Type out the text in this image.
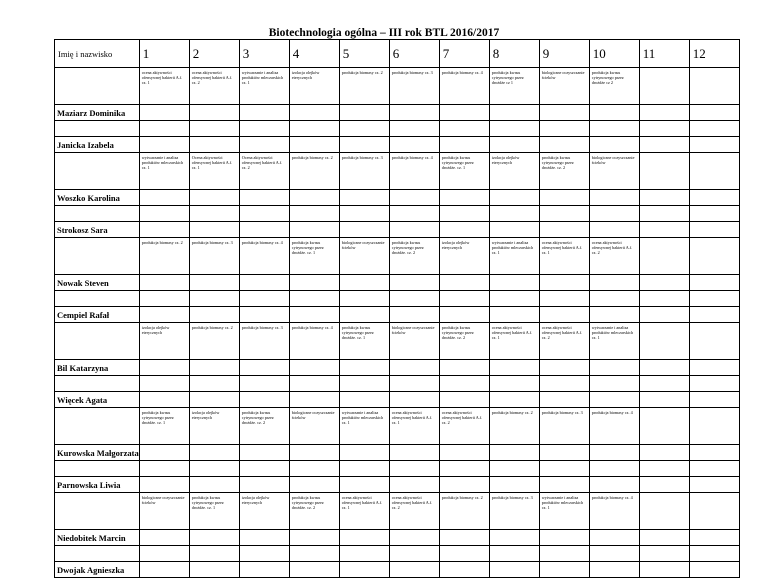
Biotechnologia ogólna – III rok BTL 2016/2017
Imię i nazwisko	1	2	3	4	5	6	7	8	9	10	11	12
	ocena aktywności ofensywnej bakterii A.f. cz. 1	ocena aktywności ofensywnej bakterii A.f. cz. 2	wytwarzanie i analiza produktów mleczarskich cz. 1	izolacja olejków eterycznych	produkcja biomasy cz. 2	produkcja biomasy cz. 3	produkcja biomasy cz. 4	produkcja kwasu cytrynowego przez drożdże cz 1	biologiczne oczyszczanie ścieków	produkcja kwasu cytrynowego przez drożdże cz 2		
Maziarz Dominika												

Janicka Izabela												
	wytwarzanie i analiza produktów mleczarskich cz. 1	Ocena aktywności ofensywnej bakterii A.f. cz. 1	Ocena aktywności ofensywnej bakterii A.f. cz. 2	produkcja biomasy cz. 2	produkcja biomasy cz. 3	produkcja biomasy cz. 4	produkcja kwasu cytrynowego przez drożdże. cz. 1	izolacja olejków eterycznych	produkcja kwasu cytrynowego przez drożdże. cz. 2	biologiczne oczyszczanie ścieków		
Woszko Karolina												

Strokosz Sara												
	produkcja biomasy cz. 2	produkcja biomasy cz. 3	produkcja biomasy cz. 4	produkcja kwasu cytrynowego przez drożdże. cz. 1	biologiczne oczyszczanie ścieków	produkcja kwasu cytrynowego przez drożdże. cz. 2	izolacja olejków eterycznych	wytwarzanie i analiza produktów mleczarskich cz. 1	ocena aktywności ofensywnej bakterii A.f. cz. 1	ocena aktywności ofensywnej bakterii A.f. cz. 2		
Nowak Steven												

Cempiel Rafał												
	izolacja olejków eterycznych	produkcja biomasy cz. 2	produkcja biomasy cz. 3	produkcja biomasy cz. 4	produkcja kwasu cytrynowego przez drożdże. cz. 1	biologiczne oczyszczanie ścieków	produkcja kwasu cytrynowego przez drożdże. cz. 2	ocena aktywności ofensywnej bakterii A.f. cz. 1	ocena aktywności ofensywnej bakterii A.f. cz. 2	wytwarzanie i analiza produktów mleczarskich cz. 1		
Bil Katarzyna												

Więcek Agata												
	produkcja kwasu cytrynowego przez drożdże. cz. 1	izolacja olejków eterycznych	produkcja kwasu cytrynowego przez drożdże. cz. 2	biologiczne oczyszczanie ścieków	wytwarzanie i analiza produktów mleczarskich cz. 1	ocena aktywności ofensywnej bakterii A.f. cz. 1	ocena aktywności ofensywnej bakterii A.f. cz. 2	produkcja biomasy cz. 2	produkcja biomasy cz. 3	produkcja biomasy cz. 4		
Kurowska Małgorzata												

Parnowska Liwia												
	biologiczne oczyszczanie ścieków	produkcja kwasu cytrynowego przez drożdże. cz. 1	izolacja olejków eterycznych	produkcja kwasu cytrynowego przez drożdże. cz. 2	ocena aktywności ofensywnej bakterii A.f. cz. 1	ocena aktywności ofensywnej bakterii A.f. cz. 2	produkcja biomasy cz. 2	produkcja biomasy cz. 3	wytwarzanie i analiza produktów mleczarskich cz. 1	produkcja biomasy cz. 4		
Niedobitek Marcin												

Dwojak Agnieszka												
